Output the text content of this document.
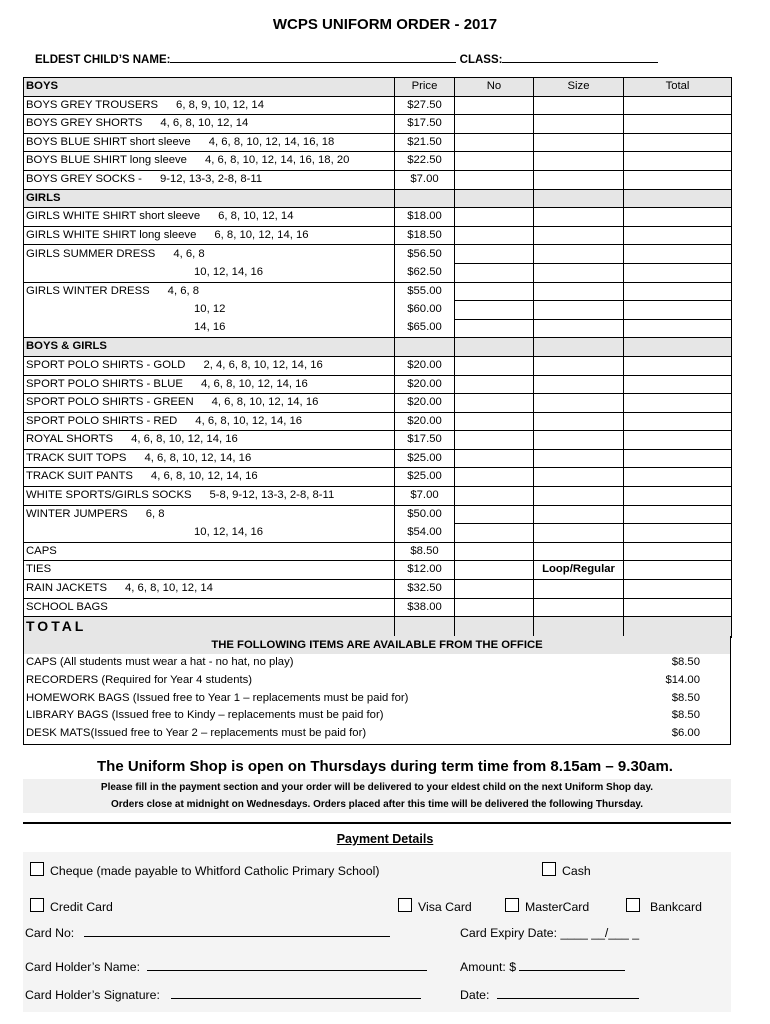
WCPS UNIFORM ORDER - 2017
ELDEST CHILD’S NAME:	CLASS:
BOYS	Price	No	Size	Total
BOYS GREY TROUSERS 6, 8, 9, 10, 12, 14	$27.50			
BOYS GREY SHORTS 4, 6, 8, 10, 12, 14	$17.50			
BOYS BLUE SHIRT short sleeve 4, 6, 8, 10, 12, 14, 16, 18	$21.50			
BOYS BLUE SHIRT long sleeve 4, 6, 8, 10, 12, 14, 16, 18, 20	$22.50			
BOYS GREY SOCKS - 9-12, 13-3, 2-8, 8-11	$7.00			
GIRLS				
GIRLS WHITE SHIRT short sleeve 6, 8, 10, 12, 14	$18.00			
GIRLS WHITE SHIRT long sleeve 6, 8, 10, 12, 14, 16	$18.50			
GIRLS SUMMER DRESS 4, 6, 8	$56.50			
10, 12, 14, 16	$62.50			
GIRLS WINTER DRESS 4, 6, 8	$55.00			
10, 12	$60.00			
14, 16	$65.00			
BOYS & GIRLS				
SPORT POLO SHIRTS - GOLD 2, 4, 6, 8, 10, 12, 14, 16	$20.00			
SPORT POLO SHIRTS - BLUE 4, 6, 8, 10, 12, 14, 16	$20.00			
SPORT POLO SHIRTS - GREEN 4, 6, 8, 10, 12, 14, 16	$20.00			
SPORT POLO SHIRTS - RED 4, 6, 8, 10, 12, 14, 16	$20.00			
ROYAL SHORTS 4, 6, 8, 10, 12, 14, 16	$17.50			
TRACK SUIT TOPS 4, 6, 8, 10, 12, 14, 16	$25.00			
TRACK SUIT PANTS 4, 6, 8, 10, 12, 14, 16	$25.00			
WHITE SPORTS/GIRLS SOCKS 5-8, 9-12, 13-3, 2-8, 8-11	$7.00			
WINTER JUMPERS 6, 8	$50.00			
10, 12, 14, 16	$54.00			
CAPS	$8.50			
TIES	$12.00		Loop/Regular	
RAIN JACKETS 4, 6, 8, 10, 12, 14	$32.50			
SCHOOL BAGS	$38.00			
TOTAL				
THE FOLLOWING ITEMS ARE AVAILABLE FROM THE OFFICE
CAPS (All students must wear a hat - no hat, no play)	$8.50
RECORDERS (Required for Year 4 students)	$14.00
HOMEWORK BAGS (Issued free to Year 1 – replacements must be paid for)	$8.50
LIBRARY BAGS (Issued free to Kindy – replacements must be paid for)	$8.50
DESK MATS(Issued free to Year 2 – replacements must be paid for)	$6.00
The Uniform Shop is open on Thursdays during term time from 8.15am – 9.30am.
Please fill in the payment section and your order will be delivered to your eldest child on the next Uniform Shop day.
Orders close at midnight on Wednesdays. Orders placed after this time will be delivered the following Thursday.
Payment Details
Cheque (made payable to Whitford Catholic Primary School)	Cash
Credit Card	Visa Card	MasterCard	Bankcard
Card No:	Card Expiry Date: ____ __/___ _
Card Holder’s Name:	Amount: $
Card Holder’s Signature:	Date:
